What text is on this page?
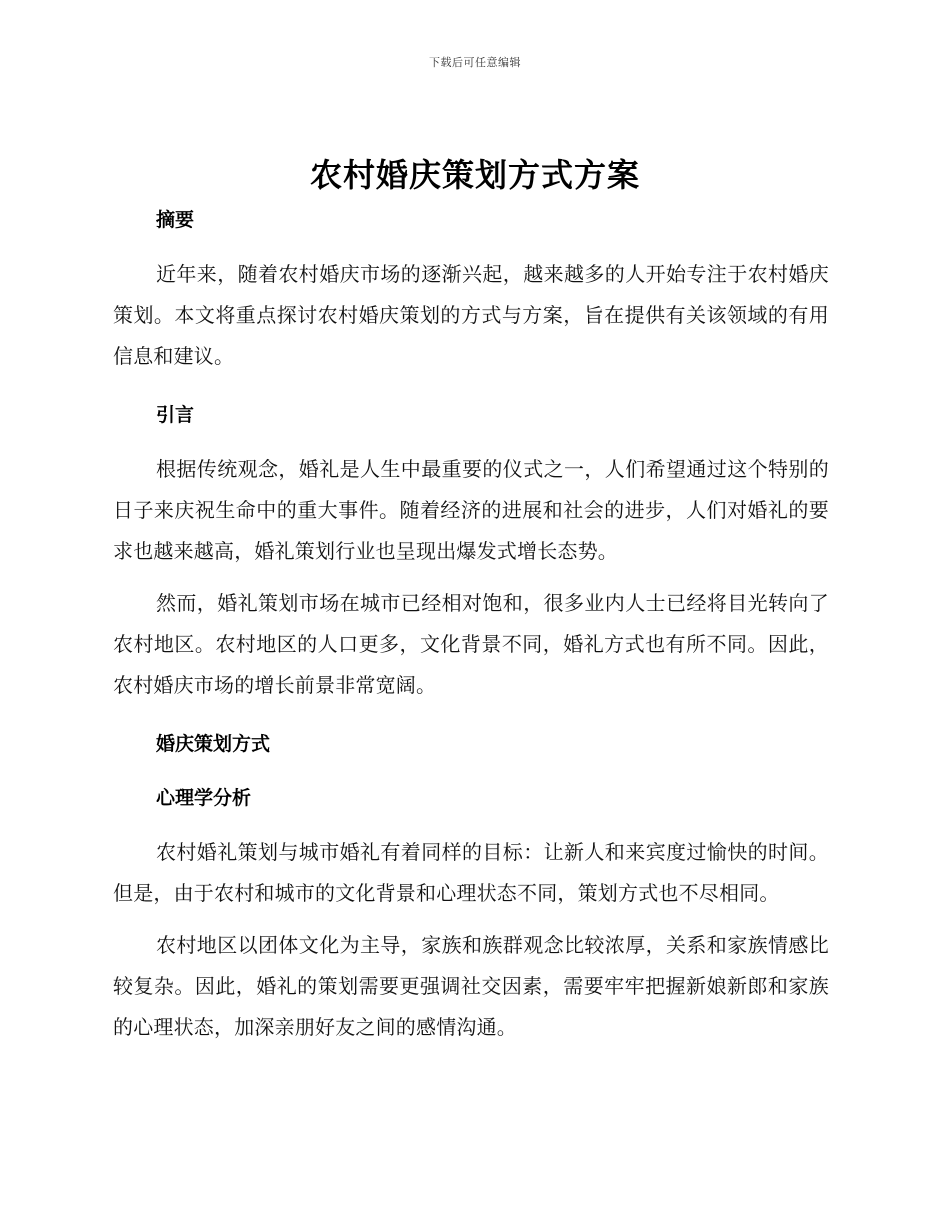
下载后可任意编辑
农村婚庆策划方式方案

摘要

近年来，随着农村婚庆市场的逐渐兴起，越来越多的人开始专注于农村婚庆策划。本文将重点探讨农村婚庆策划的方式与方案，旨在提供有关该领域的有用信息和建议。

引言

根据传统观念，婚礼是人生中最重要的仪式之一，人们希望通过这个特别的日子来庆祝生命中的重大事件。随着经济的进展和社会的进步，人们对婚礼的要求也越来越高，婚礼策划行业也呈现出爆发式增长态势。

然而，婚礼策划市场在城市已经相对饱和，很多业内人士已经将目光转向了农村地区。农村地区的人口更多，文化背景不同，婚礼方式也有所不同。因此，农村婚庆市场的增长前景非常宽阔。

婚庆策划方式

心理学分析

农村婚礼策划与城市婚礼有着同样的目标：让新人和来宾度过愉快的时间。但是，由于农村和城市的文化背景和心理状态不同，策划方式也不尽相同。

农村地区以团体文化为主导，家族和族群观念比较浓厚，关系和家族情感比较复杂。因此，婚礼的策划需要更强调社交因素，需要牢牢把握新娘新郎和家族的心理状态，加深亲朋好友之间的感情沟通。
